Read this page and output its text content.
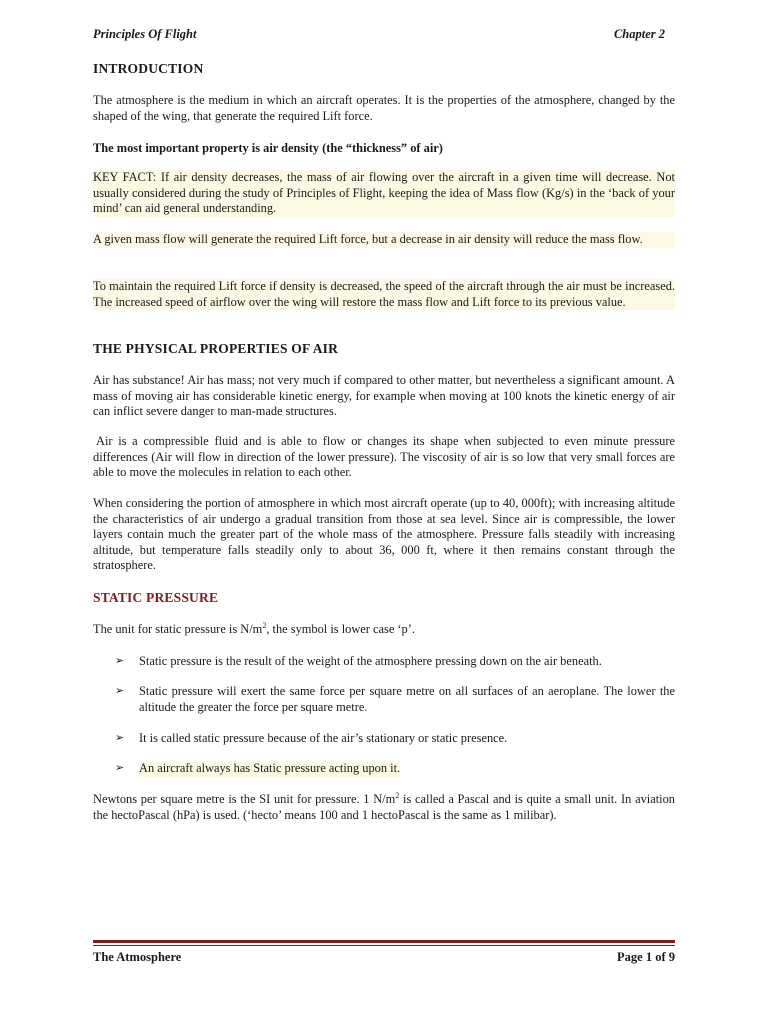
Principles Of Flight	Chapter 2
INTRODUCTION

The atmosphere is the medium in which an aircraft operates. It is the properties of the atmosphere, changed by the shaped of the wing, that generate the required Lift force.

The most important property is air density (the “thickness” of air)

KEY FACT: If air density decreases, the mass of air flowing over the aircraft in a given time will decrease. Not usually considered during the study of Principles of Flight, keeping the idea of Mass flow (Kg/s) in the ‘back of your mind’ can aid general understanding.

A given mass flow will generate the required Lift force, but a decrease in air density will reduce the mass flow.

To maintain the required Lift force if density is decreased, the speed of the aircraft through the air must be increased. The increased speed of airflow over the wing will restore the mass flow and Lift force to its previous value.

THE PHYSICAL PROPERTIES OF AIR

Air has substance! Air has mass; not very much if compared to other matter, but nevertheless a significant amount. A mass of moving air has considerable kinetic energy, for example when moving at 100 knots the kinetic energy of air can inflict severe danger to man-made structures.

Air is a compressible fluid and is able to flow or changes its shape when subjected to even minute pressure differences (Air will flow in direction of the lower pressure). The viscosity of air is so low that very small forces are able to move the molecules in relation to each other.

When considering the portion of atmosphere in which most aircraft operate (up to 40, 000ft); with increasing altitude the characteristics of air undergo a gradual transition from those at sea level. Since air is compressible, the lower layers contain much the greater part of the whole mass of the atmosphere. Pressure falls steadily with increasing altitude, but temperature falls steadily only to about 36, 000 ft, where it then remains constant through the stratosphere.

STATIC PRESSURE

The unit for static pressure is $N/m^2$, the symbol is lower case ‘p’.

➢	Static pressure is the result of the weight of the atmosphere pressing down on the air beneath.
➢	Static pressure will exert the same force per square metre on all surfaces of an aeroplane. The lower the altitude the greater the force per square metre.
➢	It is called static pressure because of the air’s stationary or static presence.
➢	An aircraft always has Static pressure acting upon it.

Newtons per square metre is the SI unit for pressure. 1 $N/m^2$ is called a Pascal and is quite a small unit. In aviation the hectoPascal (hPa) is used. (‘hecto’ means 100 and 1 hectoPascal is the same as 1 milibar).

The Atmosphere	Page 1 of 9
